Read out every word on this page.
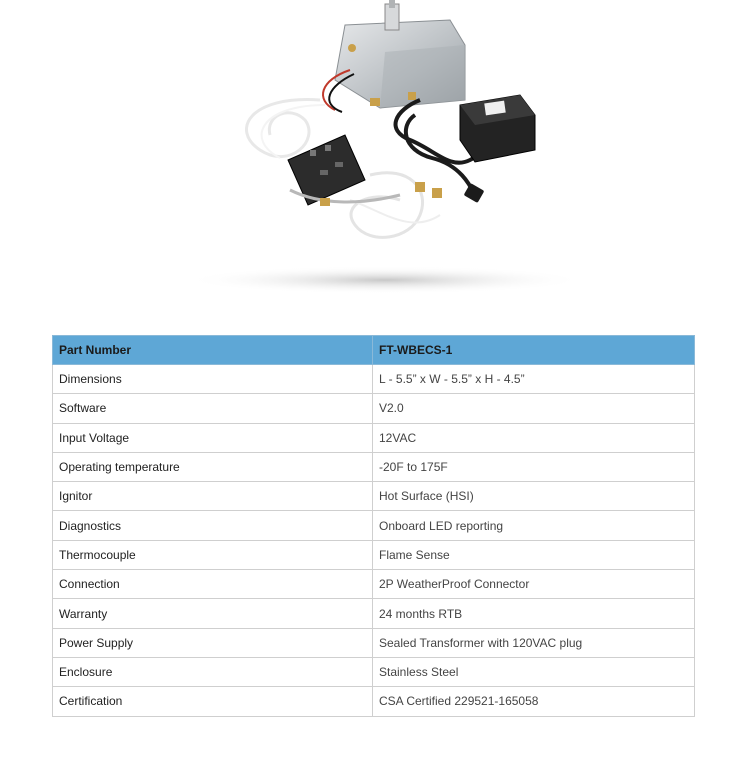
Part Number	FT-WBECS-1
Dimensions	L - 5.5” x W - 5.5” x H - 4.5”
Software	V2.0
Input Voltage	12VAC
Operating temperature	-20F to 175F
Ignitor	Hot Surface (HSI)
Diagnostics	Onboard LED reporting
Thermocouple	Flame Sense
Connection	2P WeatherProof Connector
Warranty	24 months RTB
Power Supply	Sealed Transformer with 120VAC plug
Enclosure	Stainless Steel
Certification	CSA Certified 229521-165058
